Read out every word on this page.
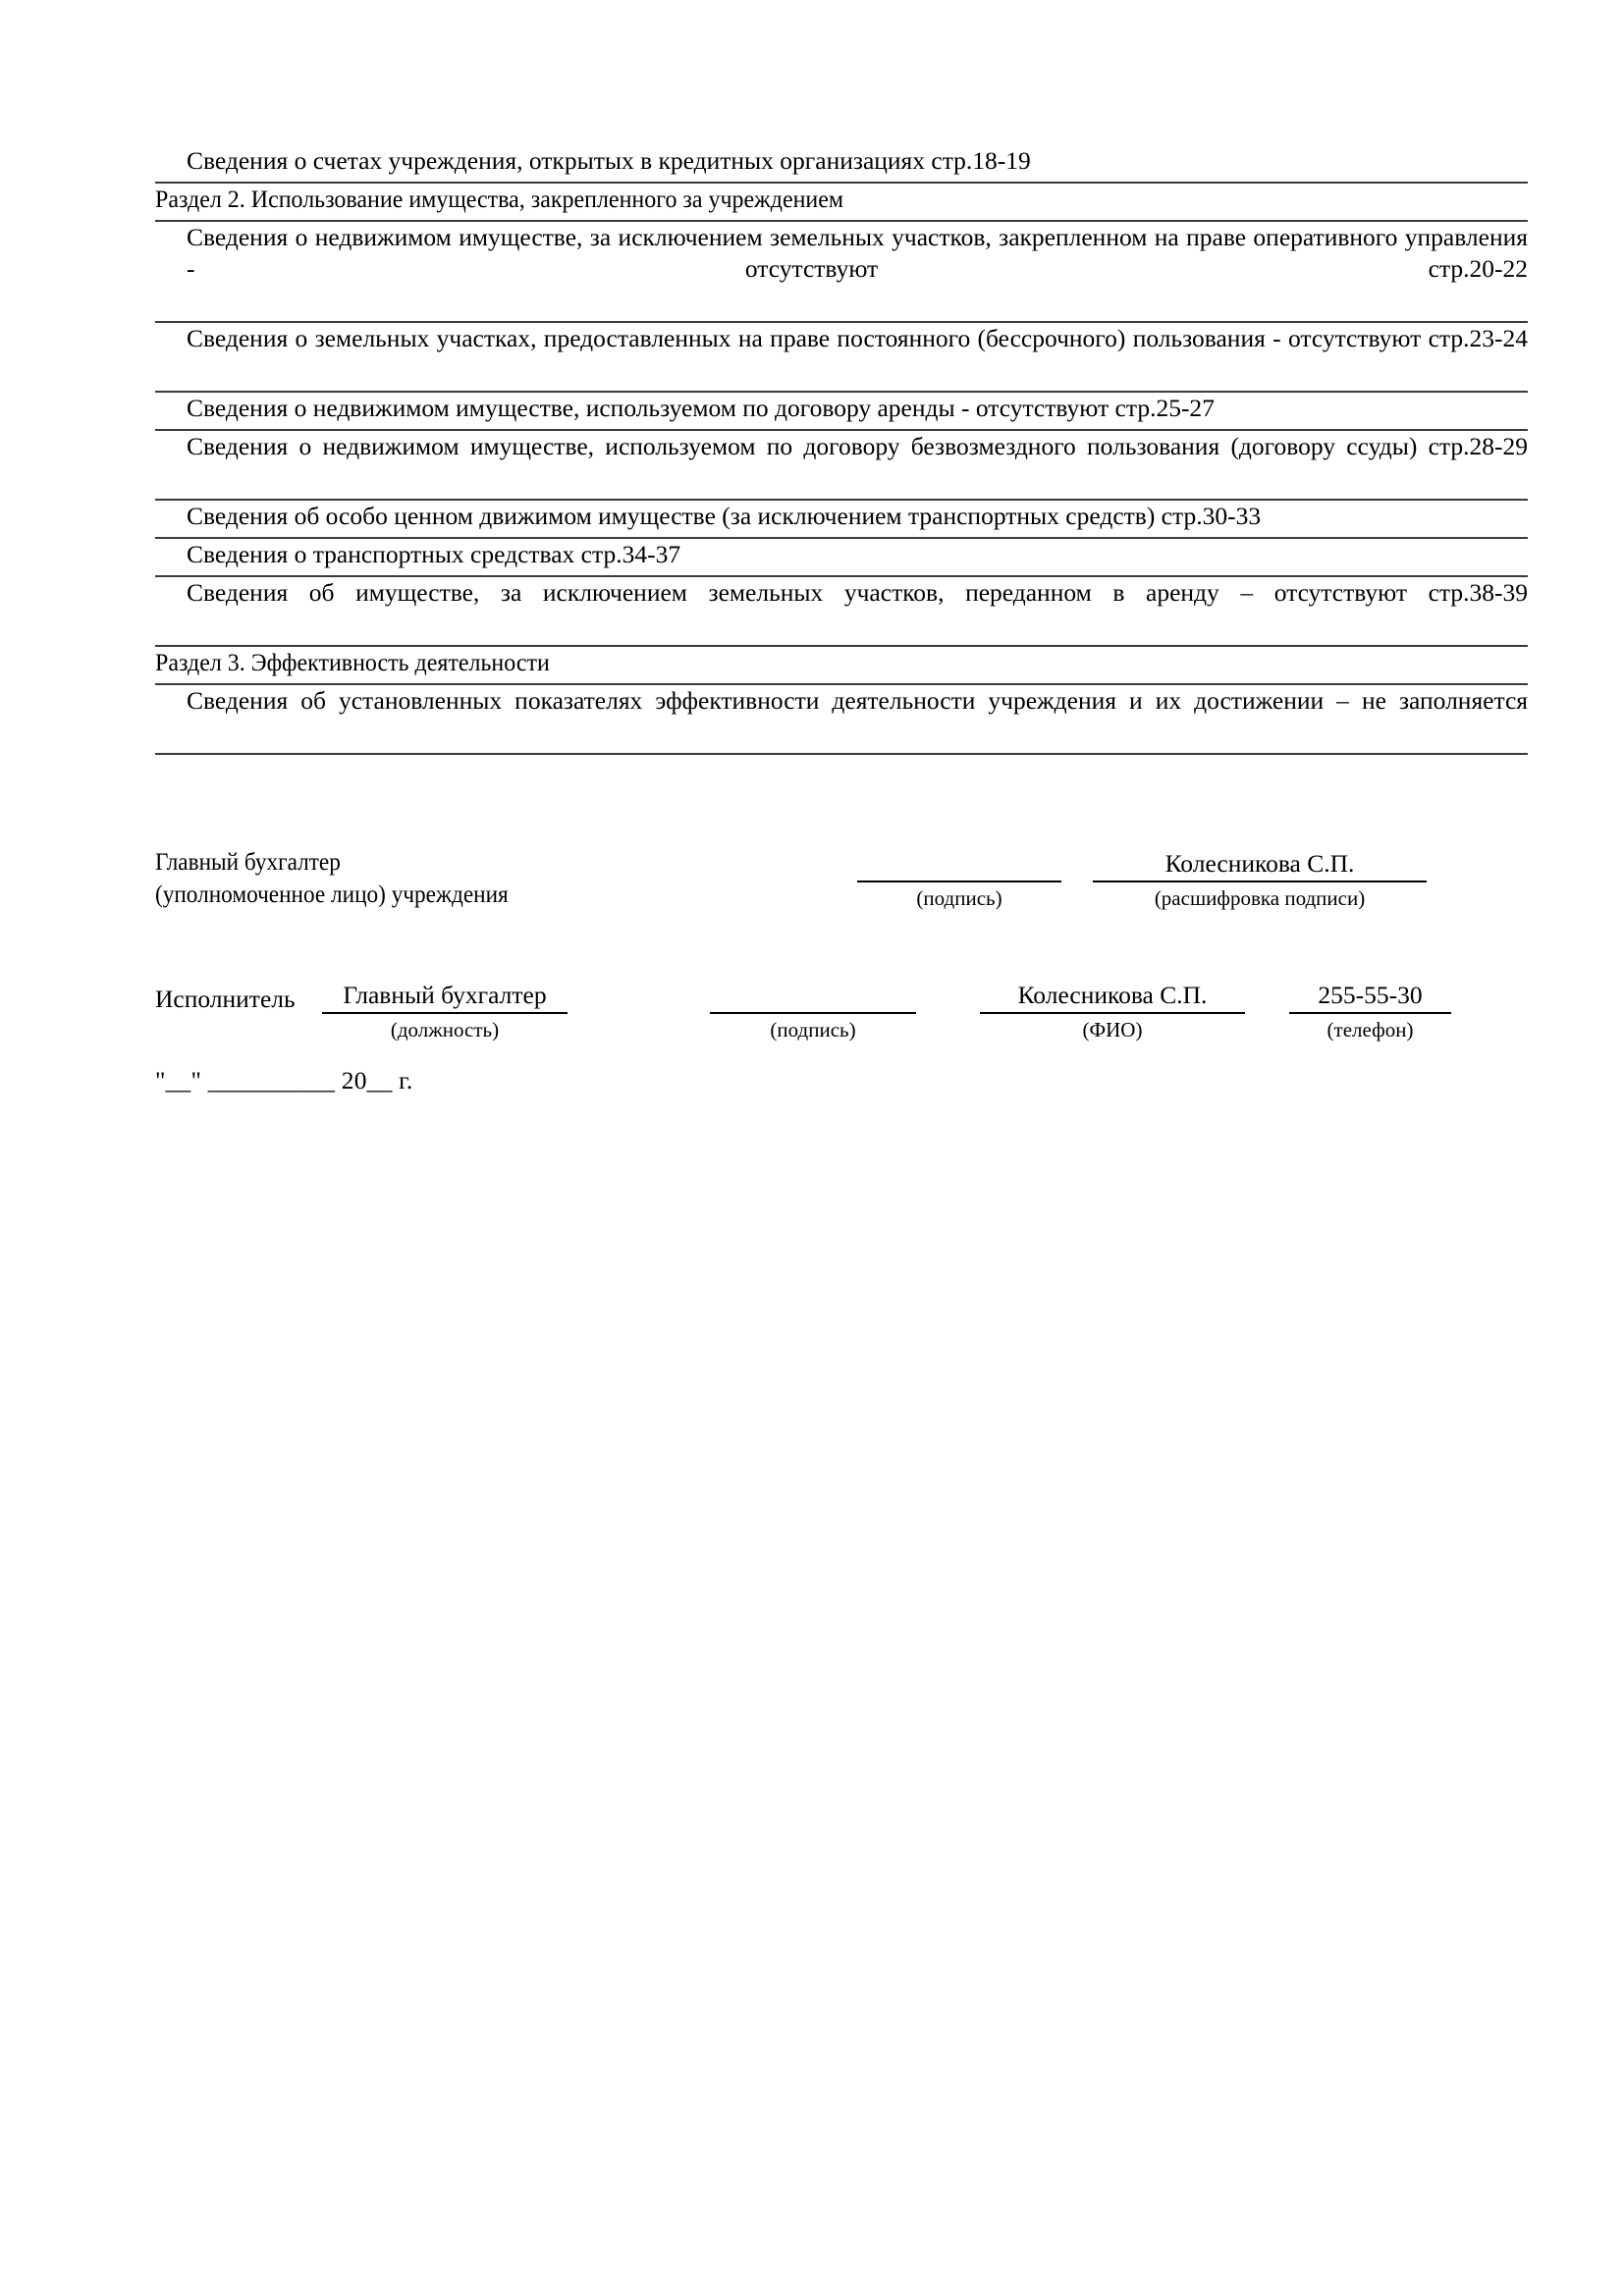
Сведения о счетах учреждения, открытых в кредитных организациях стр.18-19

Раздел 2. Использование имущества, закрепленного за учреждением

Сведения о недвижимом имуществе, за исключением земельных участков, закрепленном на праве оперативного управления - отсутствуют стр.20-22

Сведения о земельных участках, предоставленных на праве постоянного (бессрочного) пользования - отсутствуют стр.23-24

Сведения о недвижимом имуществе, используемом по договору аренды - отсутствуют стр.25-27

Сведения о недвижимом имуществе, используемом по договору безвозмездного пользования (договору ссуды) стр.28-29

Сведения об особо ценном движимом имуществе (за исключением транспортных средств) стр.30-33

Сведения о транспортных средствах стр.34-37

Сведения об имуществе, за исключением земельных участков, переданном в аренду – отсутствуют стр.38-39

Раздел 3. Эффективность деятельности

Сведения об установленных показателях эффективности деятельности учреждения и их достижении – не заполняется

Главный бухгалтер
(уполномоченное лицо) учреждения
	(подпись)
Колесникова С.П.
(расшифровка подписи)
Исполнитель	Главный бухгалтер
(должность)
	(подпись)
Колесникова С.П.
(ФИО)
255-55-30
(телефон)
"__" __________ 20__ г.
